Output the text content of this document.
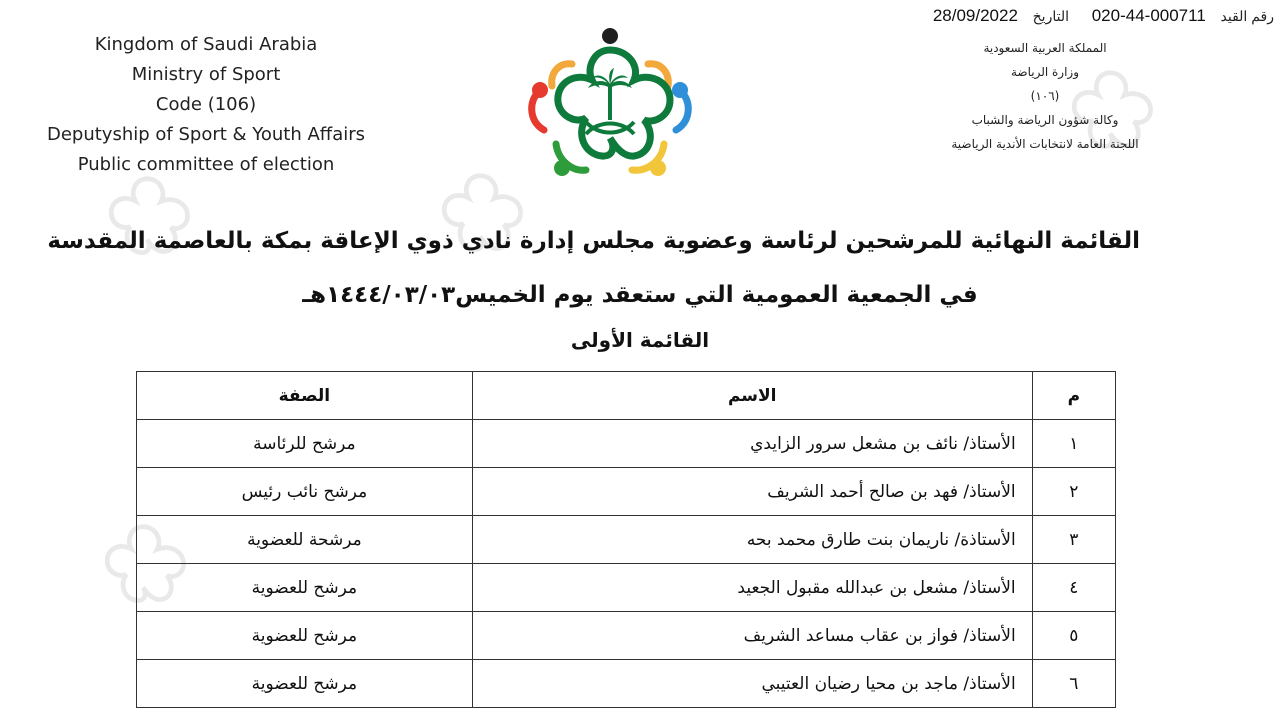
28/09/2022 التاريخ 020-44-000711 رقم القيد
Kingdom of Saudi Arabia
Ministry of Sport
Code (106)
Deputyship of Sport & Youth Affairs
Public committee of election
المملكة العربية السعودية
وزارة الرياضة
(١٠٦)
وكالة شؤون الرياضة والشباب
اللجنة العامة لانتخابات الأندية الرياضية
القائمة النهائية للمرشحين لرئاسة وعضوية مجلس إدارة نادي ذوي الإعاقة بمكة بالعاصمة المقدسة
في الجمعية العمومية التي ستعقد يوم الخميس١٤٤٤/٠٣/٠٣هـ
القائمة الأولى
م	الاسم	الصفة
١	الأستاذ/ نائف بن مشعل سرور الزايدي	مرشح للرئاسة
٢	الأستاذ/ فهد بن صالح أحمد الشريف	مرشح نائب رئيس
٣	الأستاذة/ ناريمان بنت طارق محمد بحه	مرشحة للعضوية
٤	الأستاذ/ مشعل بن عبدالله مقبول الجعيد	مرشح للعضوية
٥	الأستاذ/ فواز بن عقاب مساعد الشريف	مرشح للعضوية
٦	الأستاذ/ ماجد بن محيا رضيان العتيبي	مرشح للعضوية
